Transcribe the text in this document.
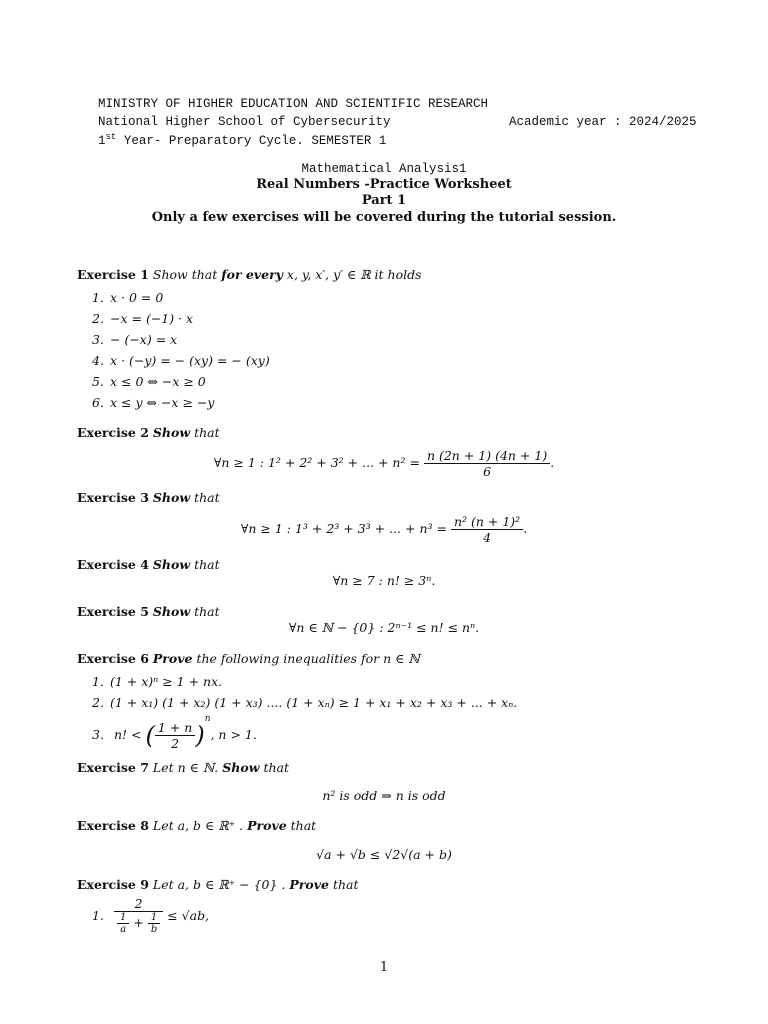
MINISTRY OF HIGHER EDUCATION AND SCIENTIFIC RESEARCH
National Higher School of Cybersecurity	Academic year : 2024/2025
1st Year- Preparatory Cycle. SEMESTER 1
Mathematical Analysis1
Real Numbers -Practice Worksheet
Part 1
Only a few exercises will be covered during the tutorial session.
Exercise 1 Show that for every x, y, x′, y′ ∈ ℝ it holds
1. x · 0 = 0
2. −x = (−1) · x
3. − (−x) = x
4. x · (−y) = − (xy) = − (xy)
5. x ≤ 0 ⇔ −x ≥ 0
6. x ≤ y ⇔ −x ≥ −y
Exercise 2 Show that
∀n ≥ 1 : 1² + 2² + 3² + ... + $n^2 = \frac{n (2n + 1) (4n + 1)}{6}$ .
Exercise 3 Show that
∀n ≥ 1 : 1³ + 2³ + 3³ + ... + $n^3 = \frac{\text{n² (n + 1)²}}{4}$ .
Exercise 4 Show that
∀n ≥ 7 : n! ≥ 3ⁿ.
Exercise 5 Show that
∀n ∈ ℕ − {0} : 2ⁿ⁻¹ ≤ n! ≤ nⁿ.
Exercise 6 Prove the following inequalities for n ∈ ℕ
1. (1 + x)ⁿ ≥ 1 + nx.
2. (1 + x₁) (1 + x₂) (1 + x₃) .... (1 + xₙ) ≥ 1 + x₁ + x₂ + x₃ + ... + xₙ.
3. n! < ( $\frac{1 + n}{2} )^n$, n > 1.
Exercise 7 Let n ∈ ℕ. Show that
n² is odd ⇒ n is odd
Exercise 8 Let a, b ∈ ℝ⁺ . Prove that
√a + √b ≤ √2√(a + b)
Exercise 9 Let a, b ∈ ℝ⁺ − {0} . Prove that
1. $\frac{2}{\frac{1}{a} + \frac{1}{b}} \le √ab$,
1
